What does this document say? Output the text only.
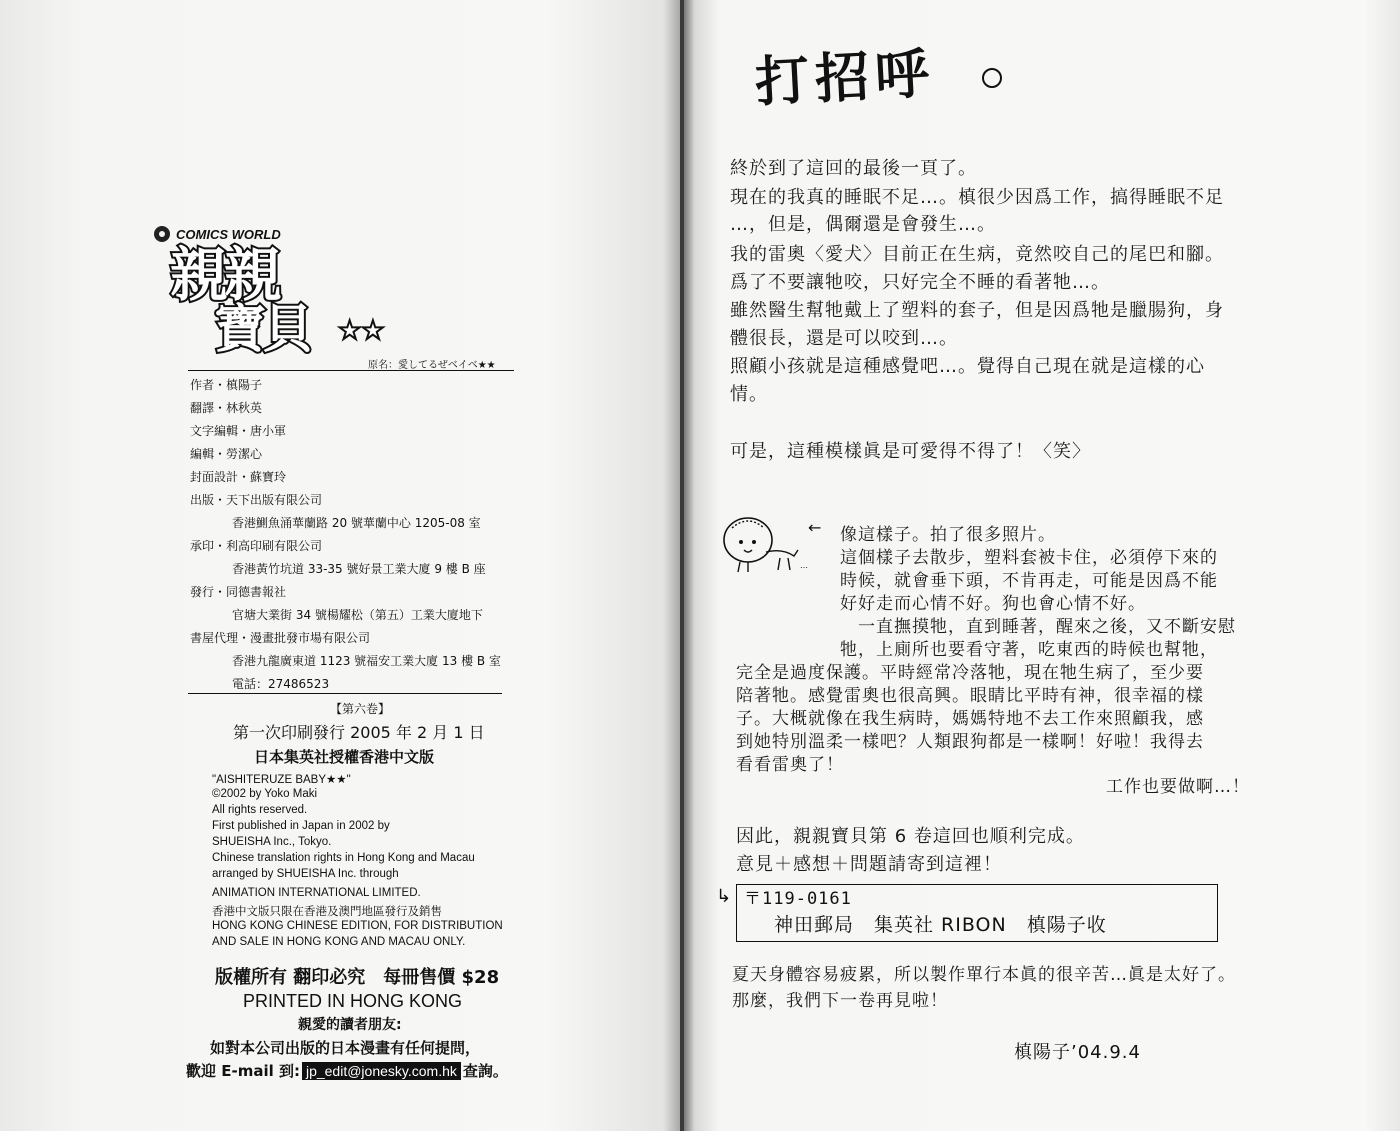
COMICS WORLD
親親
寶貝 ★★
原名：愛してるぜベイベ★★
作者・槙陽子
翻譯・林秋英
文字編輯・唐小軍
編輯・勞潔心
封面設計・蘇寶玲
出版・天下出版有限公司
香港鰂魚涌華蘭路 20 號華蘭中心 1205-08 室
承印・利高印刷有限公司
香港黃竹坑道 33-35 號好景工業大廈 9 樓 B 座
發行・同德書報社
官塘大業街 34 號楊耀松（第五）工業大廈地下
書屋代理・漫畫批發市場有限公司
香港九龍廣東道 1123 號福安工業大廈 13 樓 B 室
電話：27486523
【第六卷】
第一次印刷發行 2005 年 2 月 1 日
日本集英社授權香港中文版
"AISHITERUZE BABY★★"
©2002 by Yoko Maki
All rights reserved.
First published in Japan in 2002 by
SHUEISHA Inc., Tokyo.
Chinese translation rights in Hong Kong and Macau
arranged by SHUEISHA Inc. through
ANIMATION INTERNATIONAL LIMITED.
香港中文版只限在香港及澳門地區發行及銷售
HONG KONG CHINESE EDITION, FOR DISTRIBUTION
AND SALE IN HONG KONG AND MACAU ONLY.
版權所有 翻印必究　每冊售價 $28
PRINTED IN HONG KONG
親愛的讀者朋友:
如對本公司出版的日本漫畫有任何提問，
歡迎 E-mail 到: jp_edit@jonesky.com.hk 查詢。
打招呼
終於到了這回的最後一頁了。
現在的我真的睡眠不足…。槙很少因爲工作，搞得睡眠不足
…，但是，偶爾還是會發生…。
我的雷奧〈愛犬〉目前正在生病，竟然咬自己的尾巴和腳。
爲了不要讓牠咬，只好完全不睡的看著牠…。
雖然醫生幫牠戴上了塑料的套子，但是因爲牠是臘腸狗，身
體很長，還是可以咬到…。
照顧小孩就是這種感覺吧…。覺得自己現在就是這樣的心
情。
可是，這種模樣眞是可愛得不得了！〈笑〉
…
← 像這樣子。拍了很多照片。
這個樣子去散步，塑料套被卡住，必須停下來的
時候，就會垂下頭，不肯再走，可能是因爲不能
好好走而心情不好。狗也會心情不好。
一直撫摸牠，直到睡著，醒來之後，又不斷安慰
牠，上廁所也要看守著，吃東西的時候也幫牠，
完全是過度保護。平時經常冷落牠，現在牠生病了，至少要
陪著牠。感覺雷奧也很高興。眼睛比平時有神，很幸福的樣
子。大概就像在我生病時，媽媽特地不去工作來照顧我，感
到她特別溫柔一樣吧？人類跟狗都是一樣啊！好啦！我得去
看看雷奧了！
工作也要做啊…！
因此，親親寶貝第 6 卷這回也順利完成。
意見＋感想＋問題請寄到這裡！
↳ 〒119-0161
神田郵局　集英社 RIBON　槙陽子收
夏天身體容易疲累，所以製作單行本眞的很辛苦…眞是太好了。
那麼，我們下一卷再見啦！
槙陽子’04.9.4
